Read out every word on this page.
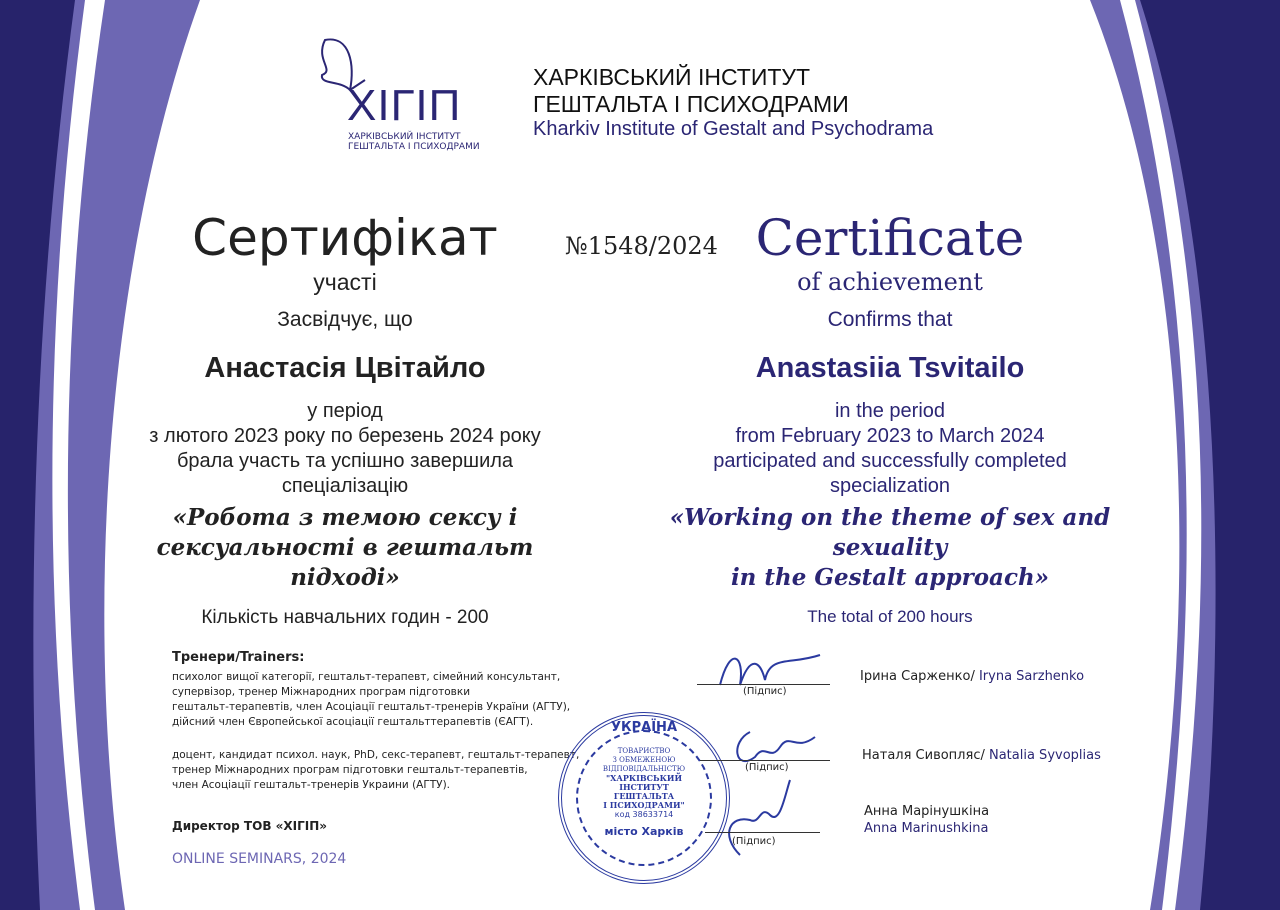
ХІГІП
ХАРКІВСЬКИЙ ІНСТИТУТ
ГЕШТАЛЬТА І ПСИХОДРАМИ
ХАРКІВСЬКИЙ ІНСТИТУТ
ГЕШТАЛЬТА І ПСИХОДРАМИ
Kharkiv Institute of Gestalt and Psychodrama
№1548/2024
Сертифікат
участі
Засвідчує, що
Анастасія Цвітайло
у період
з лютого 2023 року по березень 2024 року
брала участь та успішно завершила
спеціалізацію
«Робота з темою сексу і
сексуальності в гештальт підході»
Кількість навчальних годин - 200
Certificate
of achievement
Confirms that
Anastasiia Tsvitailo
in the period
from February 2023 to March 2024
participated and successfully completed
specialization
«Working on the theme of sex and sexuality
in the Gestalt approach»
The total of 200 hours
Тренери/Trainers:
психолог вищої категорії, гештальт-терапевт, сімейний консультант,
супервізор, тренер Міжнародних програм підготовки
гештальт-терапевтів, член Асоціації гештальт-тренерів України (АГТУ),
дійсний член Європейської асоціації гештальттерапевтів (ЄАГТ).
доцент, кандидат психол. наук, PhD, секс-терапевт, гештальт-терапевт,
тренер Міжнародних програм підготовки гештальт-терапевтів,
член Асоціації гештальт-тренерів Украини (АГТУ).
Директор ТОВ «ХІГІП»
ONLINE SEMINARS, 2024
УКРАЇНА
ТОВАРИСТВО
З ОБМЕЖЕНОЮ
ВІДПОВІДАЛЬНІСТЮ
"ХАРКІВСЬКИЙ
ІНСТИТУТ
ГЕШТАЛЬТА
І ПСИХОДРАМИ"
код 38633714
місто Харків
(Підпис)
Ірина Сарженко/ Iryna Sarzhenko
(Підпис)
Наталя Сивопляс/ Natalia Syvoplias
(Підпис)
Анна Марінушкіна
Anna Marinushkina
